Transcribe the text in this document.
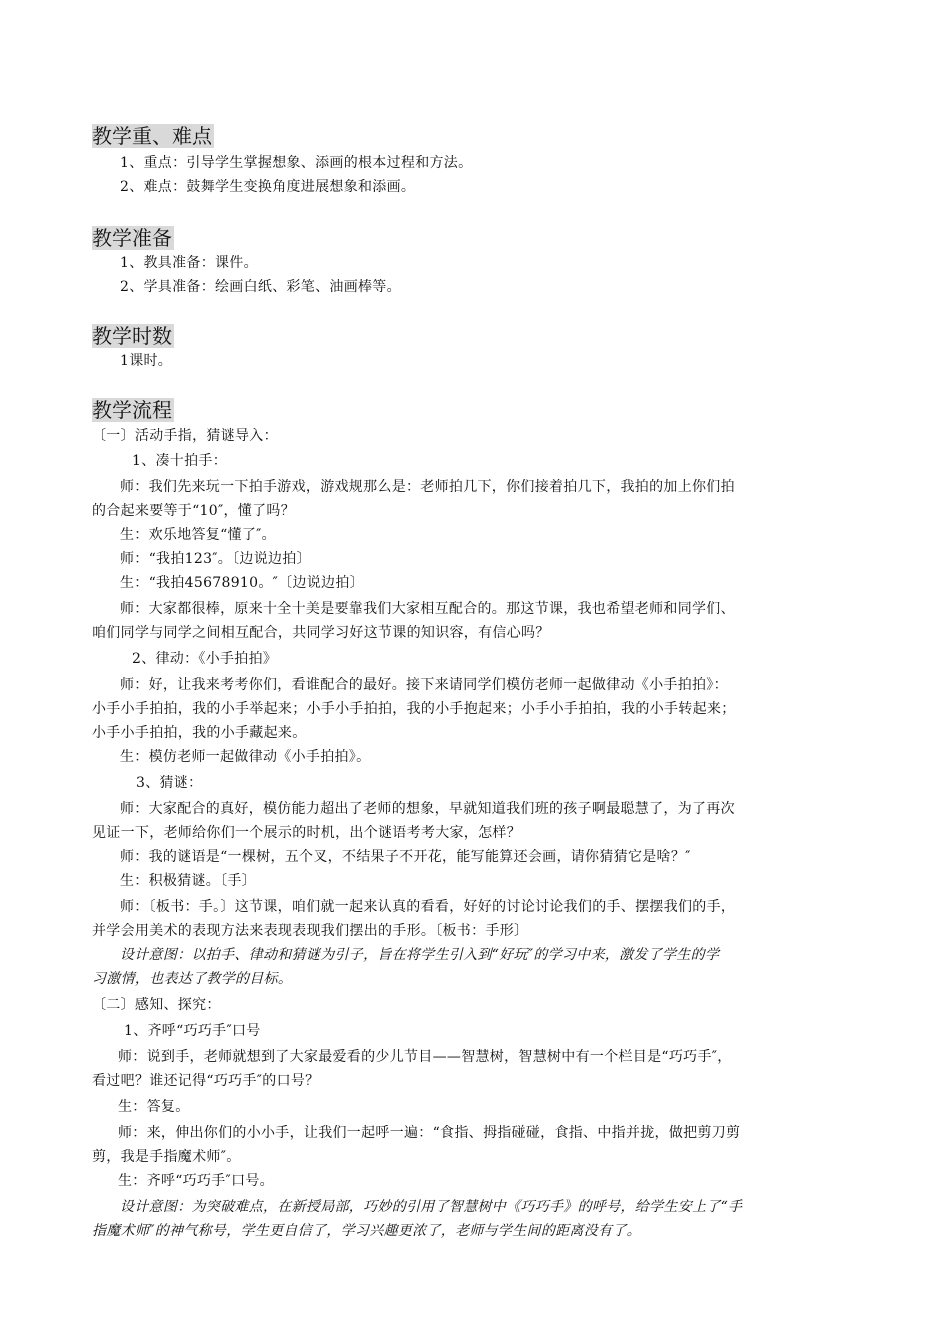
教学重、难点
1、重点：引导学生掌握想象、添画的根本过程和方法。
2、难点：鼓舞学生变换角度进展想象和添画。
教学准备
1、教具准备：课件。
2、学具准备：绘画白纸、彩笔、油画棒等。
教学时数
1课时。
教学流程
〔一〕活动手指，猜谜导入：
1、凑十拍手：
师：我们先来玩一下拍手游戏，游戏规那么是：老师拍几下，你们接着拍几下，我拍的加上你们拍
的合起来要等于“10″，懂了吗？
生：欢乐地答复“懂了″。
师：“我拍123″。〔边说边拍〕
生：“我拍45678910。″〔边说边拍〕
师：大家都很棒，原来十全十美是要靠我们大家相互配合的。那这节课，我也希望老师和同学们、
咱们同学与同学之间相互配合，共同学习好这节课的知识容，有信心吗？
2、律动：《小手拍拍》
师：好，让我来考考你们，看谁配合的最好。接下来请同学们模仿老师一起做律动《小手拍拍》：
小手小手拍拍，我的小手举起来；小手小手拍拍，我的小手抱起来；小手小手拍拍，我的小手转起来；
小手小手拍拍，我的小手藏起来。
生：模仿老师一起做律动《小手拍拍》。
3、猜谜：
师：大家配合的真好，模仿能力超出了老师的想象，早就知道我们班的孩子啊最聪慧了，为了再次
见证一下，老师给你们一个展示的时机，出个谜语考考大家，怎样？
师：我的谜语是“一棵树，五个叉，不结果子不开花，能写能算还会画，请你猜猜它是啥？″
生：积极猜谜。〔手〕
师：〔板书：手。〕这节课，咱们就一起来认真的看看，好好的讨论讨论我们的手、摆摆我们的手，
并学会用美术的表现方法来表现表现我们摆出的手形。〔板书：手形〕
设计意图：以拍手、律动和猜谜为引子，旨在将学生引入到“好玩″的学习中来，激发了学生的学
习激情，也表达了教学的目标。
〔二〕感知、探究：
1、齐呼“巧巧手″口号
师：说到手，老师就想到了大家最爱看的少儿节目——智慧树，智慧树中有一个栏目是“巧巧手″，
看过吧？谁还记得“巧巧手″的口号？
生：答复。
师：来，伸出你们的小小手，让我们一起呼一遍：“食指、拇指碰碰，食指、中指并拢，做把剪刀剪
剪，我是手指魔术师″。
生：齐呼“巧巧手″口号。
设计意图：为突破难点，在新授局部，巧妙的引用了智慧树中《巧巧手》的呼号，给学生安上了“手
指魔术师″的神气称号，学生更自信了，学习兴趣更浓了，老师与学生间的距离没有了。
